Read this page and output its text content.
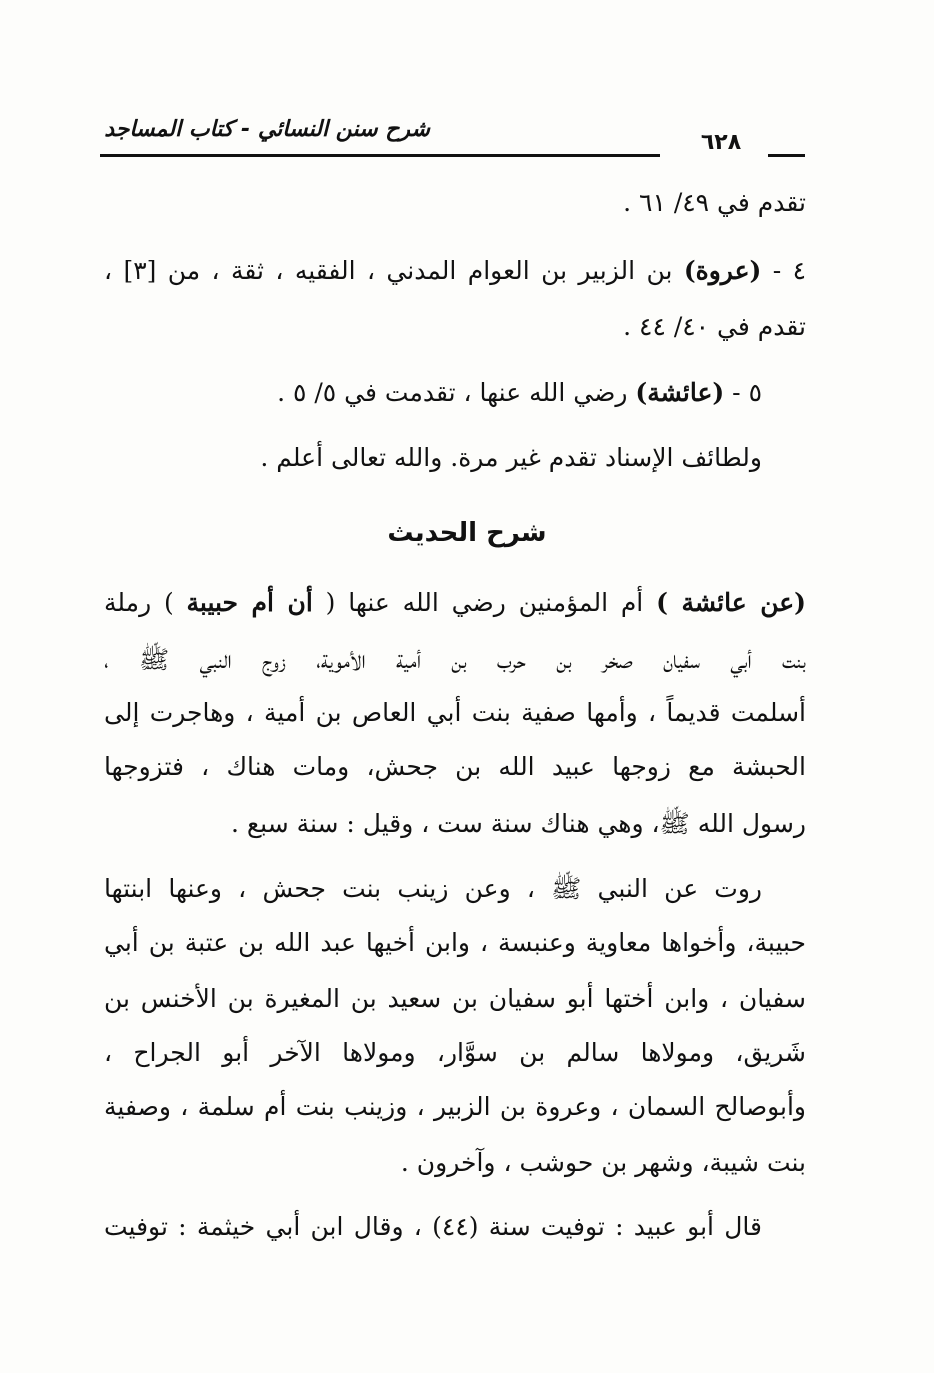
شرح سنن النسائي - كتاب المساجد
٦٢٨
تقدم في ٤٩/ ٦١ .
٤ - (عروة) بن الزبير بن العوام المدني ، الفقيه ، ثقة ، من [٣] ،
تقدم في ٤٠/ ٤٤ .
٥ - (عائشة) رضي الله عنها ، تقدمت في ٥/ ٥ .
ولطائف الإسناد تقدم غير مرة. والله تعالى أعلم .
شرح الحديث
(عن عائشة ) أم المؤمنين رضي الله عنها ( أن أم حبيبة ) رملة
بنت أبي سفيان صخر بن حرب بن أمية الأموية، زوج النبي ﷺ ،
أسلمت قديماً ، وأمها صفية بنت أبي العاص بن أمية ، وهاجرت إلى
الحبشة مع زوجها عبيد الله بن جحش، ومات هناك ، فتزوجها
رسول الله ﷺ، وهي هناك سنة ست ، وقيل : سنة سبع .
روت عن النبي ﷺ ، وعن زينب بنت جحش ، وعنها ابنتها
حبيبة، وأخواها معاوية وعنبسة ، وابن أخيها عبد الله بن عتبة بن أبي
سفيان ، وابن أختها أبو سفيان بن سعيد بن المغيرة بن الأخنس بن
شَريق، ومولاها سالم بن سوَّار، ومولاها الآخر أبو الجراح ،
وأبوصالح السمان ، وعروة بن الزبير ، وزينب بنت أم سلمة ، وصفية
بنت شيبة، وشهر بن حوشب ، وآخرون .
قال أبو عبيد : توفيت سنة (٤٤) ، وقال ابن أبي خيثمة : توفيت
